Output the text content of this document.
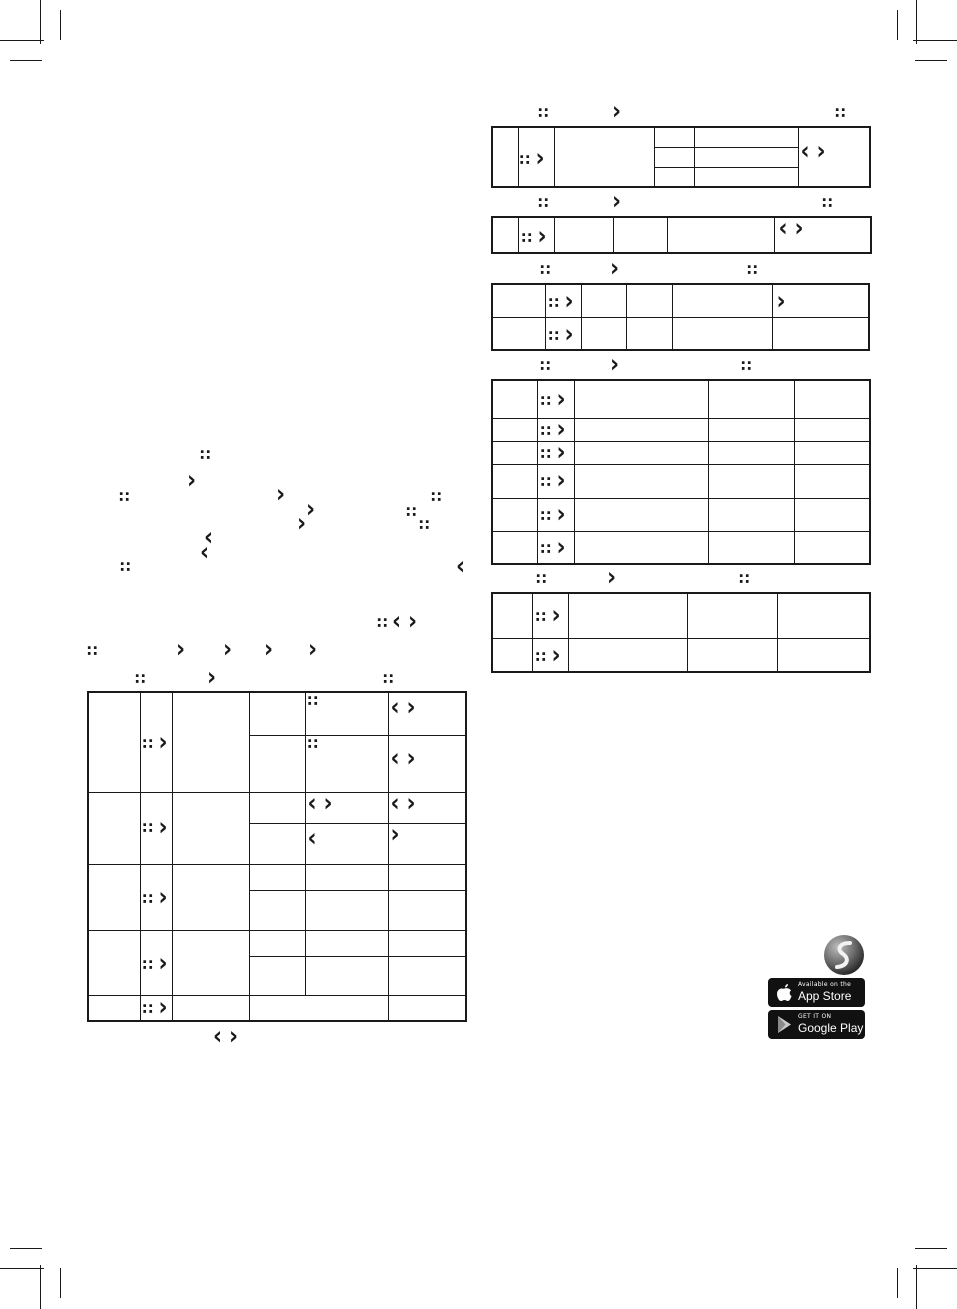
∷
›
∷	›	∷
›	∷
›	∷
‹
‹
∷	‹
∷ ‹ ›
∷	› › › ›
∷	›	∷

	∷ ›			∷	‹ ›

				∷	‹ ›

	∷ ›			‹ ›	‹ ›

				‹	›

	∷ ›				

	∷ ›				

	∷ ›				

‹ ›
∷	›	∷

	∷ ›				‹ ›

∷	›	∷

∷ ›				‹ ›
∷	›	∷

	∷ ›				›

	∷ ›				

∷	›	∷

	∷ ›			

	∷ ›			

	∷ ›			

	∷ ›			

	∷ ›			

	∷ ›			

∷	›	∷

	∷ ›			

	∷ ›			

Available on the
App Store
GET IT ON
Google Play
